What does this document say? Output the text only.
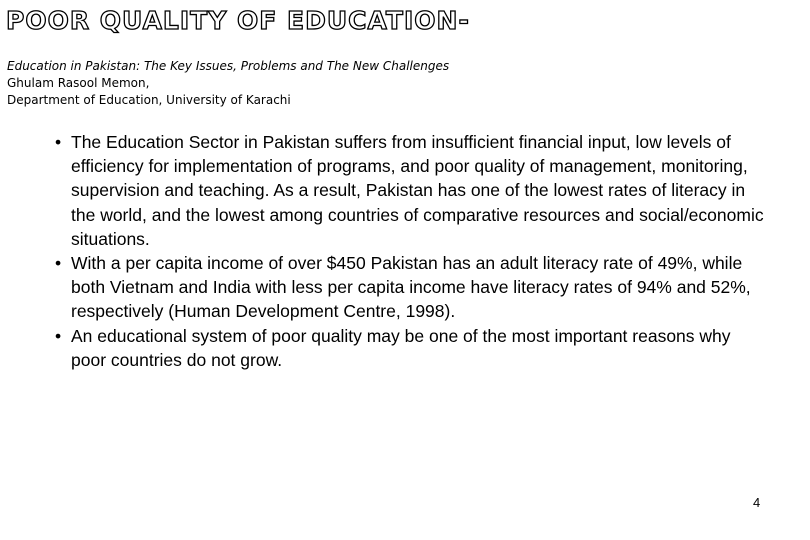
POOR QUALITY OF EDUCATION-
Education in Pakistan: The Key Issues, Problems and The New Challenges
Ghulam Rasool Memon,
Department of Education, University of Karachi
• The Education Sector in Pakistan suffers from insufficient financial input, low levels of efficiency for implementation of programs, and poor quality of management, monitoring, supervision and teaching. As a result, Pakistan has one of the lowest rates of literacy in the world, and the lowest among countries of comparative resources and social/economic situations.
• With a per capita income of over $450 Pakistan has an adult literacy rate of 49%, while both Vietnam and India with less per capita income have literacy rates of 94% and 52%, respectively (Human Development Centre, 1998).
• An educational system of poor quality may be one of the most important reasons why poor countries do not grow.
4
